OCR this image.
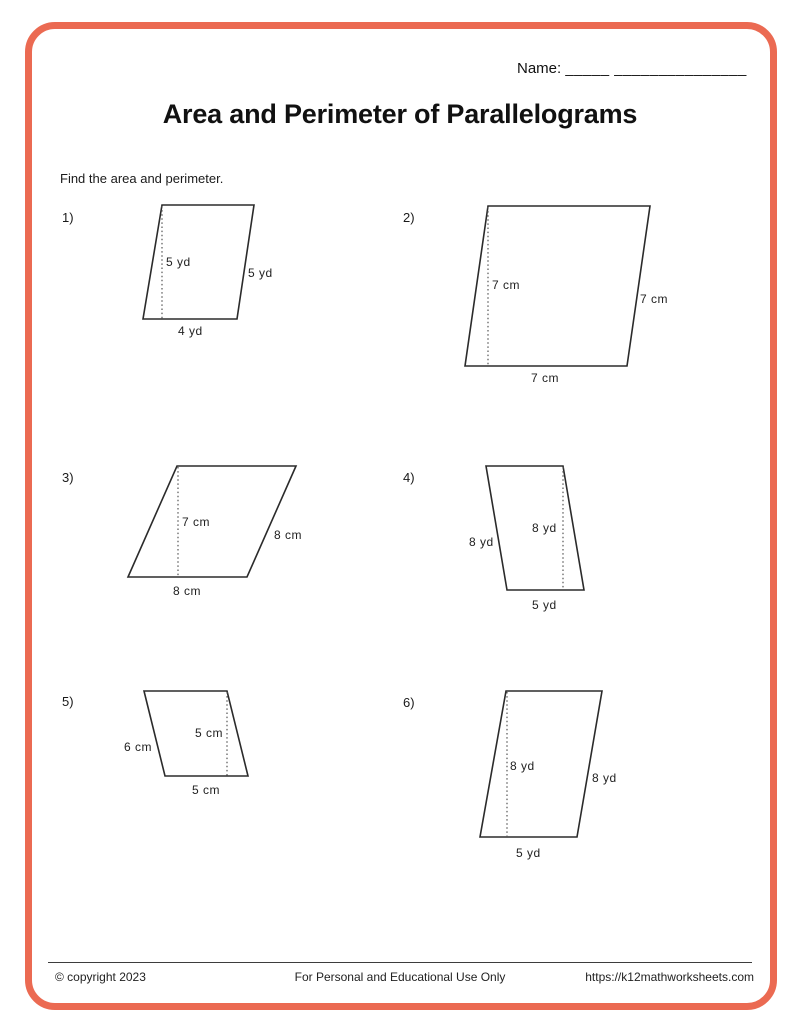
Name: _____ _______________
Area and Perimeter of Parallelograms
Find the area and perimeter.
1)	2)
3)	4)
5)	6)
5 yd
5 yd
4 yd
7 cm
7 cm
7 cm
7 cm
8 cm
8 cm
8 yd
8 yd
5 yd
5 cm
6 cm
5 cm
8 yd
8 yd
5 yd
© copyright 2023	For Personal and Educational Use Only	https://k12mathworksheets.com
